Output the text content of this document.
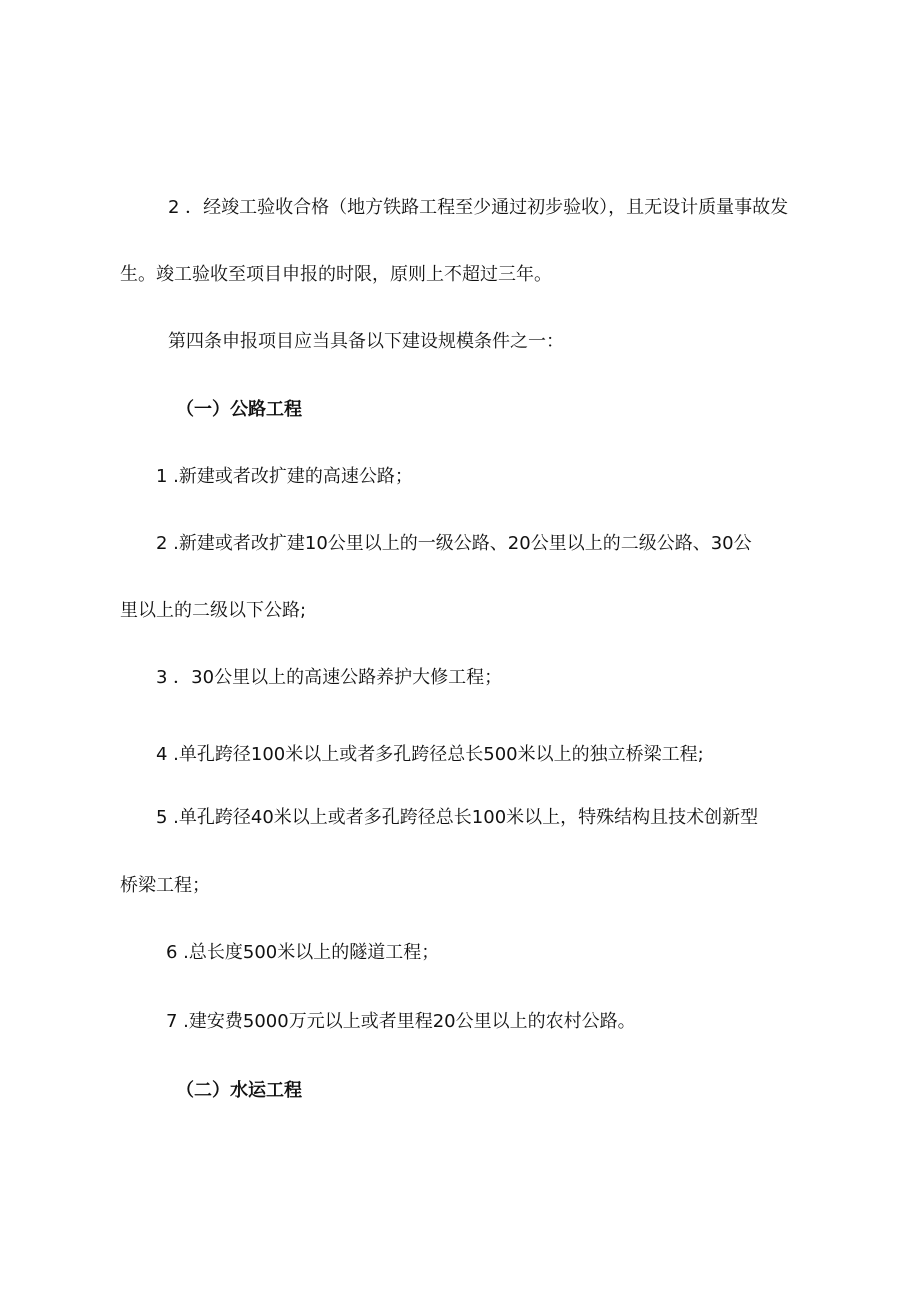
2 ．经竣工验收合格（地方铁路工程至少通过初步验收），且无设计质量事故发
生。竣工验收至项目申报的时限，原则上不超过三年。
第四条申报项目应当具备以下建设规模条件之一：
（一）公路工程
1 .新建或者改扩建的高速公路；
2 .新建或者改扩建10公里以上的一级公路、20公里以上的二级公路、30公
里以上的二级以下公路;
3 ．30公里以上的高速公路养护大修工程；
4 .单孔跨径100米以上或者多孔跨径总长500米以上的独立桥梁工程;
5 .单孔跨径40米以上或者多孔跨径总长100米以上，特殊结构且技术创新型
桥梁工程；
6 .总长度500米以上的隧道工程；
7 .建安费5000万元以上或者里程20公里以上的农村公路。
（二）水运工程
